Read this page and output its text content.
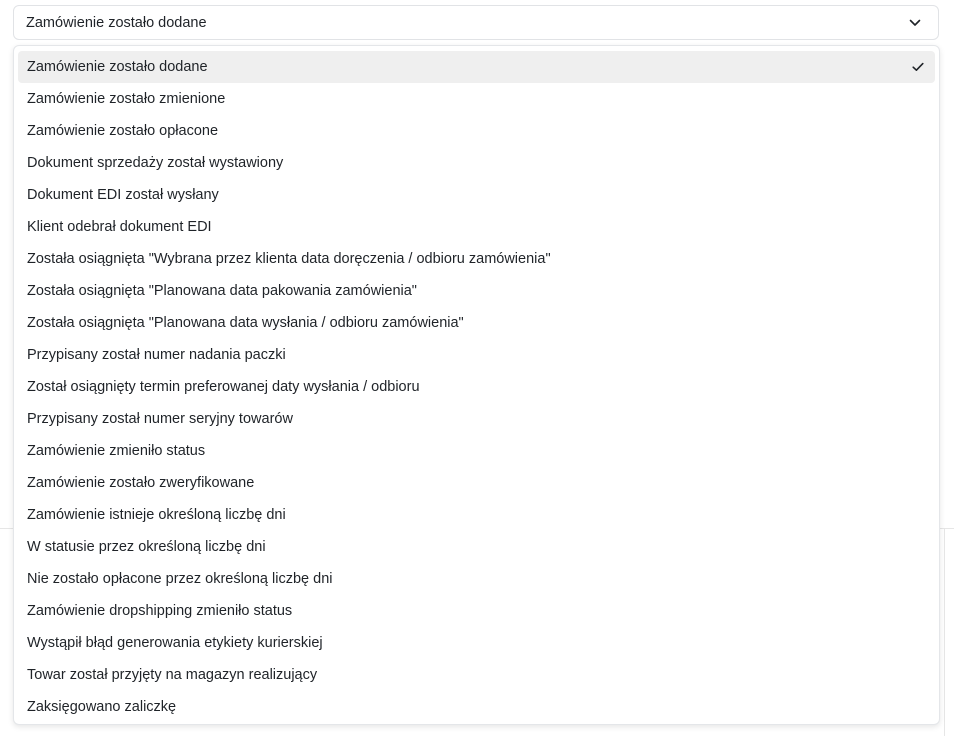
Zamówienie zostało dodane
Zamówienie zostało dodane
Zamówienie zostało zmienione
Zamówienie zostało opłacone
Dokument sprzedaży został wystawiony
Dokument EDI został wysłany
Klient odebrał dokument EDI
Została osiągnięta "Wybrana przez klienta data doręczenia / odbioru zamówienia"
Została osiągnięta "Planowana data pakowania zamówienia"
Została osiągnięta "Planowana data wysłania / odbioru zamówienia"
Przypisany został numer nadania paczki
Został osiągnięty termin preferowanej daty wysłania / odbioru
Przypisany został numer seryjny towarów
Zamówienie zmieniło status
Zamówienie zostało zweryfikowane
Zamówienie istnieje określoną liczbę dni
W statusie przez określoną liczbę dni
Nie zostało opłacone przez określoną liczbę dni
Zamówienie dropshipping zmieniło status
Wystąpił błąd generowania etykiety kurierskiej
Towar został przyjęty na magazyn realizujący
Zaksięgowano zaliczkę
